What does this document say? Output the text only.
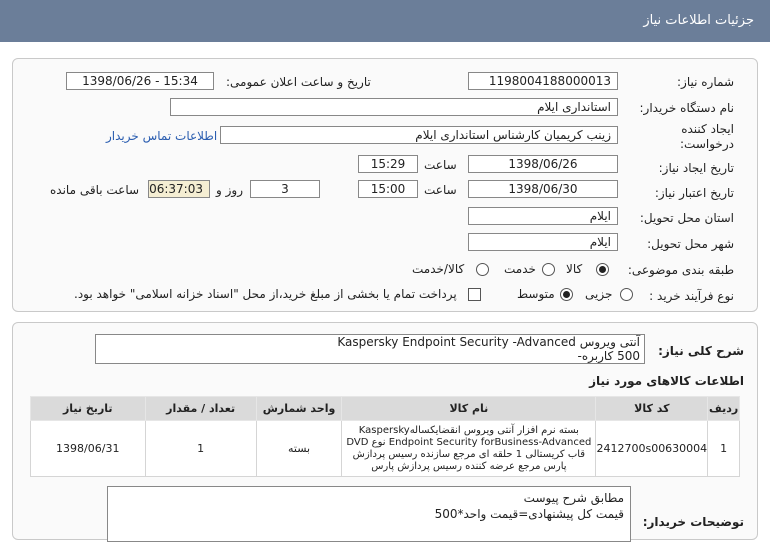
جزئیات اطلاعات نیاز
شماره نیاز:
1198004188000013
تاریخ و ساعت اعلان عمومی:
1398/06/26 - 15:34
نام دستگاه خریدار:
استانداری ایلام
ایجاد کننده درخواست:
زینب کریمیان کارشناس استانداری ایلام
اطلاعات تماس خریدار
تاریخ ایجاد نیاز:
1398/06/26
ساعت
15:29
تاریخ اعتبار نیاز:
1398/06/30
ساعت
15:00
3
روز و
06:37:03
ساعت باقی مانده
استان محل تحویل:
ایلام
شهر محل تحویل:
ایلام
طبقه بندی موضوعی:
کالا
خدمت
کالا/خدمت
نوع فرآیند خرید :
جزیی
متوسط
پرداخت تمام یا بخشی از مبلغ خرید،از محل "اسناد خزانه اسلامی" خواهد بود.
شرح کلی نیاز:
آنتی ویروس Kaspersky Endpoint Security -Advanced
500 کاربره-
اطلاعات کالاهای مورد نیاز
ردیف	کد کالا	نام کالا	واحد شمارش	تعداد / مقدار	تاریخ نیاز
1	2412700s00630004	بسته نرم افزار آنتی ویروس انقضایکسالهKaspersky Endpoint Security forBusiness-Advanced نوع DVD قاب کریستالی 1 حلقه ای مرجع سازنده رسیس پردازش پارس مرجع عرضه کننده رسیس پردازش پارس	بسته	1	1398/06/31
توضیحات خریدار:
مطابق شرح پیوست
قیمت کل پیشنهادی=قیمت واحد*500
